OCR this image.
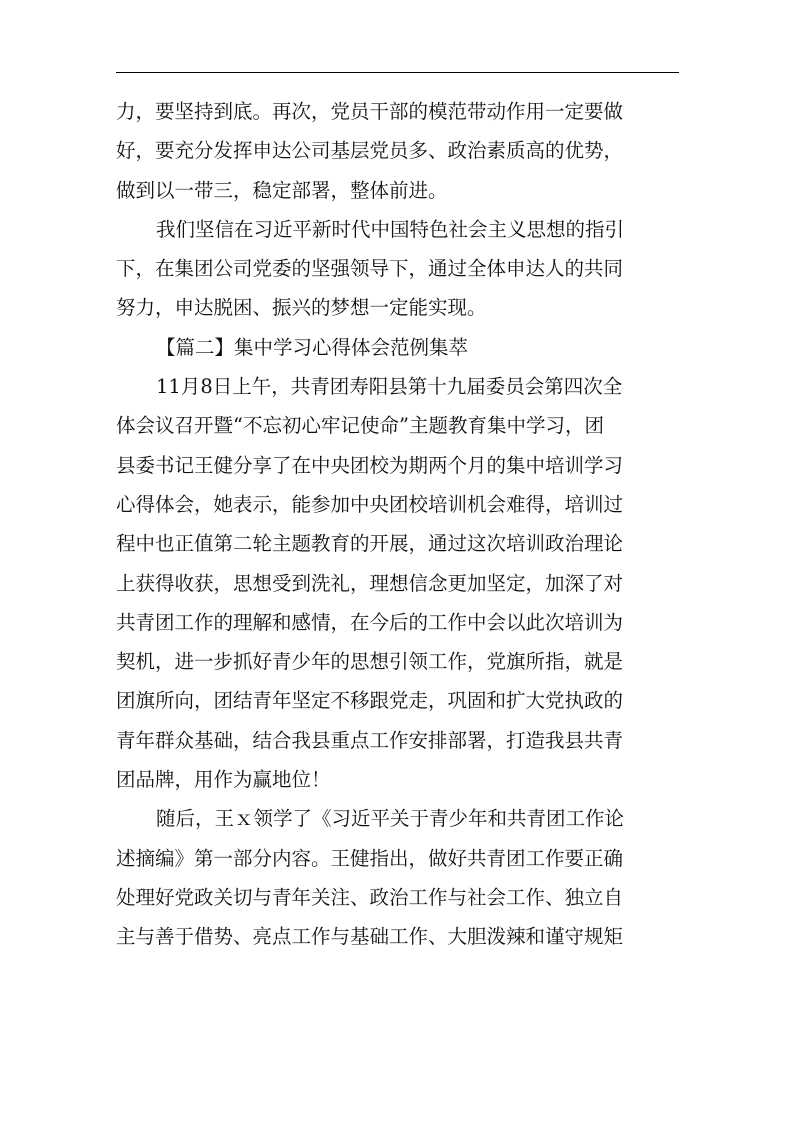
力，要坚持到底。再次，党员干部的模范带动作用一定要做
好，要充分发挥申达公司基层党员多、政治素质高的优势，
做到以一带三，稳定部署，整体前进。
我们坚信在习近平新时代中国特色社会主义思想的指引
下，在集团公司党委的坚强领导下，通过全体申达人的共同
努力，申达脱困、振兴的梦想一定能实现。
【篇二】集中学习心得体会范例集萃
11月8日上午，共青团寿阳县第十九届委员会第四次全
体会议召开暨“不忘初心牢记使命”主题教育集中学习，团
县委书记王健分享了在中央团校为期两个月的集中培训学习
心得体会，她表示，能参加中央团校培训机会难得，培训过
程中也正值第二轮主题教育的开展，通过这次培训政治理论
上获得收获，思想受到洗礼，理想信念更加坚定，加深了对
共青团工作的理解和感情，在今后的工作中会以此次培训为
契机，进一步抓好青少年的思想引领工作，党旗所指，就是
团旗所向，团结青年坚定不移跟党走，巩固和扩大党执政的
青年群众基础，结合我县重点工作安排部署，打造我县共青
团品牌，用作为赢地位！
随后，王ｘ领学了《习近平关于青少年和共青团工作论
述摘编》第一部分内容。王健指出，做好共青团工作要正确
处理好党政关切与青年关注、政治工作与社会工作、独立自
主与善于借势、亮点工作与基础工作、大胆泼辣和谨守规矩
